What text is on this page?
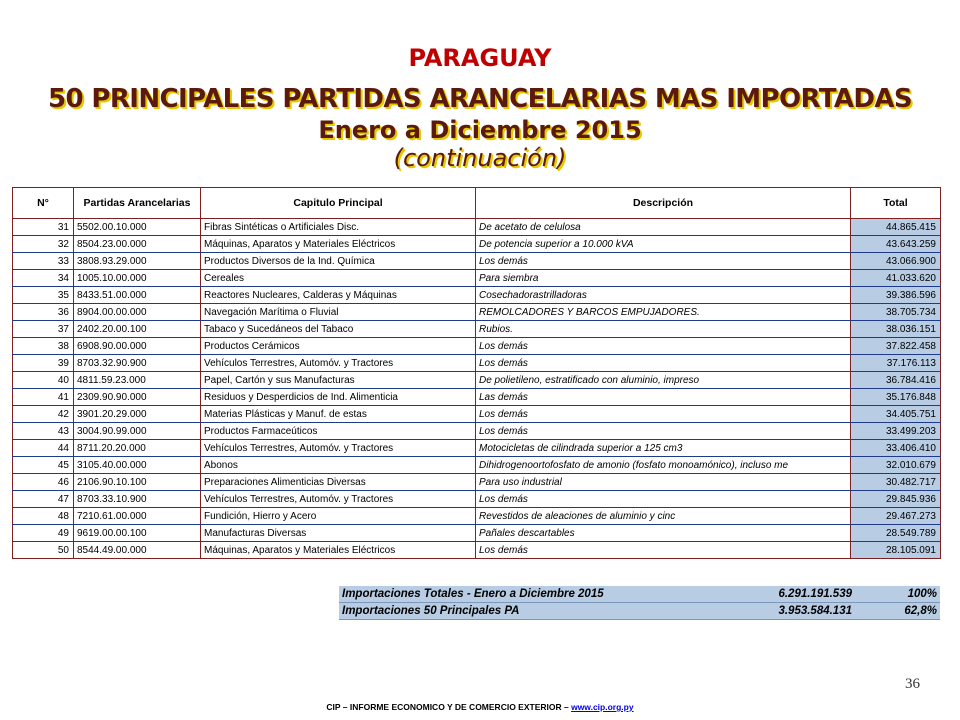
PARAGUAY
50 PRINCIPALES PARTIDAS ARANCELARIAS MAS IMPORTADAS
Enero a Diciembre 2015
(continuación)
N°	Partidas Arancelarias	Capitulo Principal	Descripción	Total
31	5502.00.10.000	Fibras Sintéticas o Artificiales Disc.	De acetato de celulosa	44.865.415
32	8504.23.00.000	Máquinas, Aparatos y Materiales Eléctricos	De potencia superior a 10.000 kVA	43.643.259
33	3808.93.29.000	Productos Diversos de la Ind. Química	Los demás	43.066.900
34	1005.10.00.000	Cereales	Para siembra	41.033.620
35	8433.51.00.000	Reactores Nucleares, Calderas y Máquinas	Cosechadorastrilladoras	39.386.596
36	8904.00.00.000	Navegación Marítima o Fluvial	REMOLCADORES Y BARCOS EMPUJADORES.	38.705.734
37	2402.20.00.100	Tabaco y Sucedáneos del Tabaco	Rubios.	38.036.151
38	6908.90.00.000	Productos Cerámicos	Los demás	37.822.458
39	8703.32.90.900	Vehículos Terrestres, Automóv. y Tractores	Los demás	37.176.113
40	4811.59.23.000	Papel, Cartón y sus Manufacturas	De polietileno, estratificado con aluminio, impreso	36.784.416
41	2309.90.90.000	Residuos y Desperdicios de Ind. Alimenticia	Las demás	35.176.848
42	3901.20.29.000	Materias Plásticas y Manuf. de estas	Los demás	34.405.751
43	3004.90.99.000	Productos Farmaceúticos	Los demás	33.499.203
44	8711.20.20.000	Vehículos Terrestres, Automóv. y Tractores	Motocicletas de cilindrada superior a 125 cm3	33.406.410
45	3105.40.00.000	Abonos	Dihidrogenoortofosfato de amonio (fosfato monoamónico), incluso me	32.010.679
46	2106.90.10.100	Preparaciones Alimenticias Diversas	Para uso industrial	30.482.717
47	8703.33.10.900	Vehículos Terrestres, Automóv. y Tractores	Los demás	29.845.936
48	7210.61.00.000	Fundición, Hierro y Acero	Revestidos de aleaciones de aluminio y cinc	29.467.273
49	9619.00.00.100	Manufacturas Diversas	Pañales descartables	28.549.789
50	8544.49.00.000	Máquinas, Aparatos y Materiales Eléctricos	Los demás	28.105.091
Importaciones Totales - Enero a Diciembre 2015	6.291.191.539	100%
Importaciones 50 Principales PA	3.953.584.131	62,8%
36
CIP – INFORME ECONOMICO Y DE COMERCIO EXTERIOR – www.cip.org.py
